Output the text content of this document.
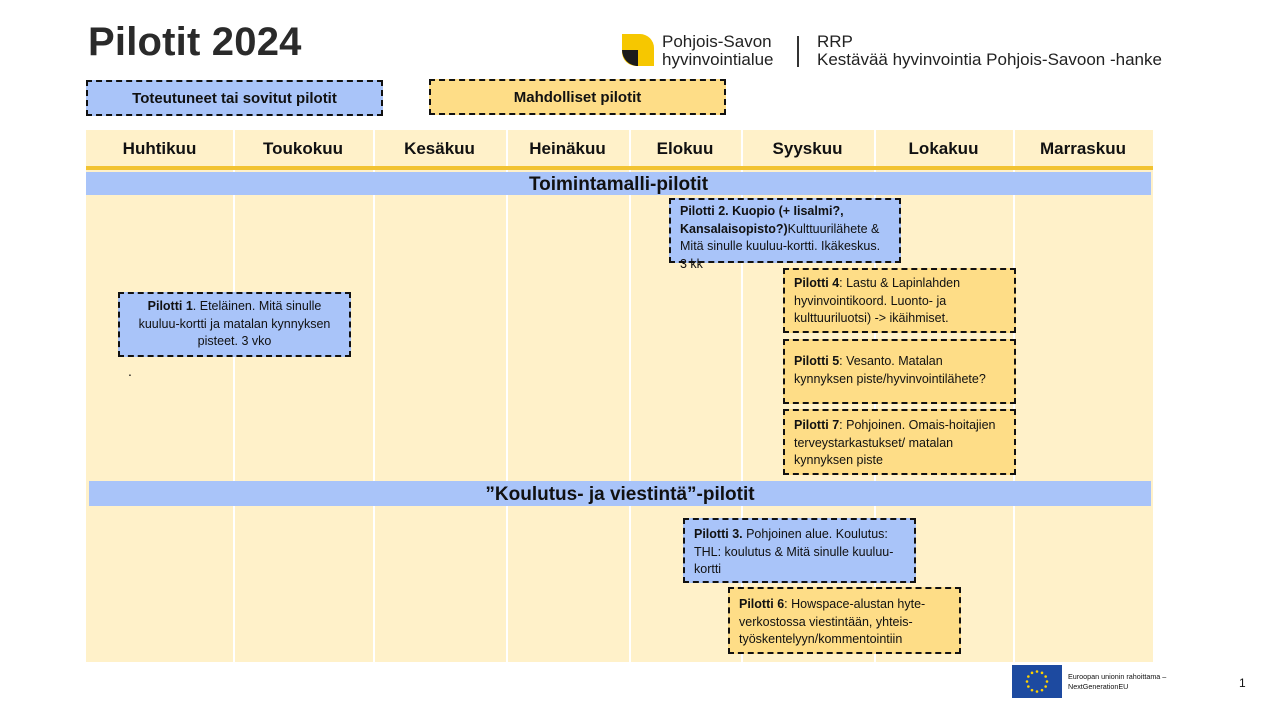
Pilotit 2024	Pohjois-Savon
hyvinvointialue
RRP
Kestävää hyvinvointia Pohjois-Savoon -hanke
Toteutuneet tai sovitut pilotit	Mahdolliset pilotit
Huhtikuu	Toukokuu	Kesäkuu	Heinäkuu	Elokuu	Syyskuu	Lokakuu	Marraskuu
Toimintamalli-pilotit
”Koulutus- ja viestintä”-pilotit
Pilotti 2. Kuopio (+ Iisalmi?, Kansalaisopisto?)Kulttuurilähete & Mitä sinulle kuuluu-kortti. Ikäkeskus. 3 kk
Pilotti 1. Eteläinen. Mitä sinulle kuuluu-kortti ja matalan kynnyksen pisteet. 3 vko
.
Pilotti 4: Lastu & Lapinlahden hyvinvointikoord. Luonto- ja kulttuuriluotsi) -> ikäihmiset.
Pilotti 5: Vesanto. Matalan kynnyksen piste/hyvinvointilähete?
Pilotti 7: Pohjoinen. Omais-hoitajien terveystarkastukset/ matalan kynnyksen piste
Pilotti 3. Pohjoinen alue. Koulutus: THL: koulutus & Mitä sinulle kuuluu-kortti
Pilotti 6: Howspace-alustan hyte-verkostossa viestintään, yhteis-työskentelyyn/kommentointiin
Euroopan unionin rahoittama –
NextGenerationEU	1
